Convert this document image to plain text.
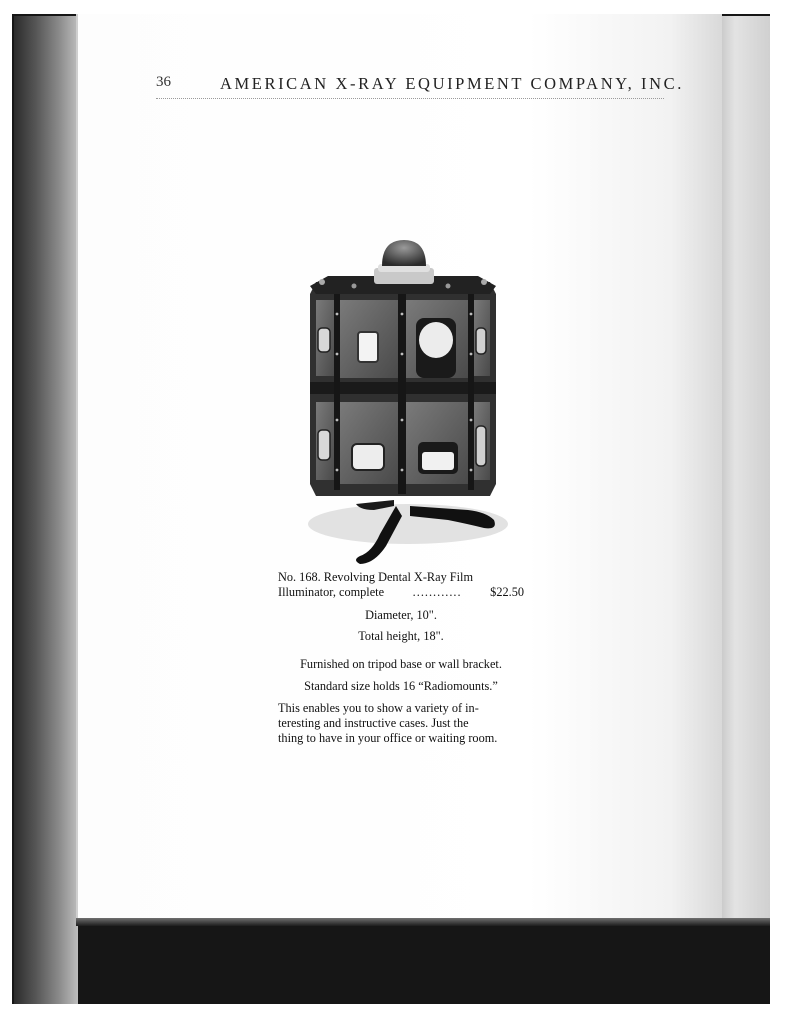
36	AMERICAN X-RAY EQUIPMENT COMPANY, INC.
No. 168. Revolving Dental X-Ray Film
Illuminator, complete ............ $22.50
Diameter, 10".
Total height, 18".
Furnished on tripod base or wall bracket.
Standard size holds 16 “Radiomounts.”
This enables you to show a variety of in-
teresting and instructive cases. Just the
thing to have in your office or waiting room.
